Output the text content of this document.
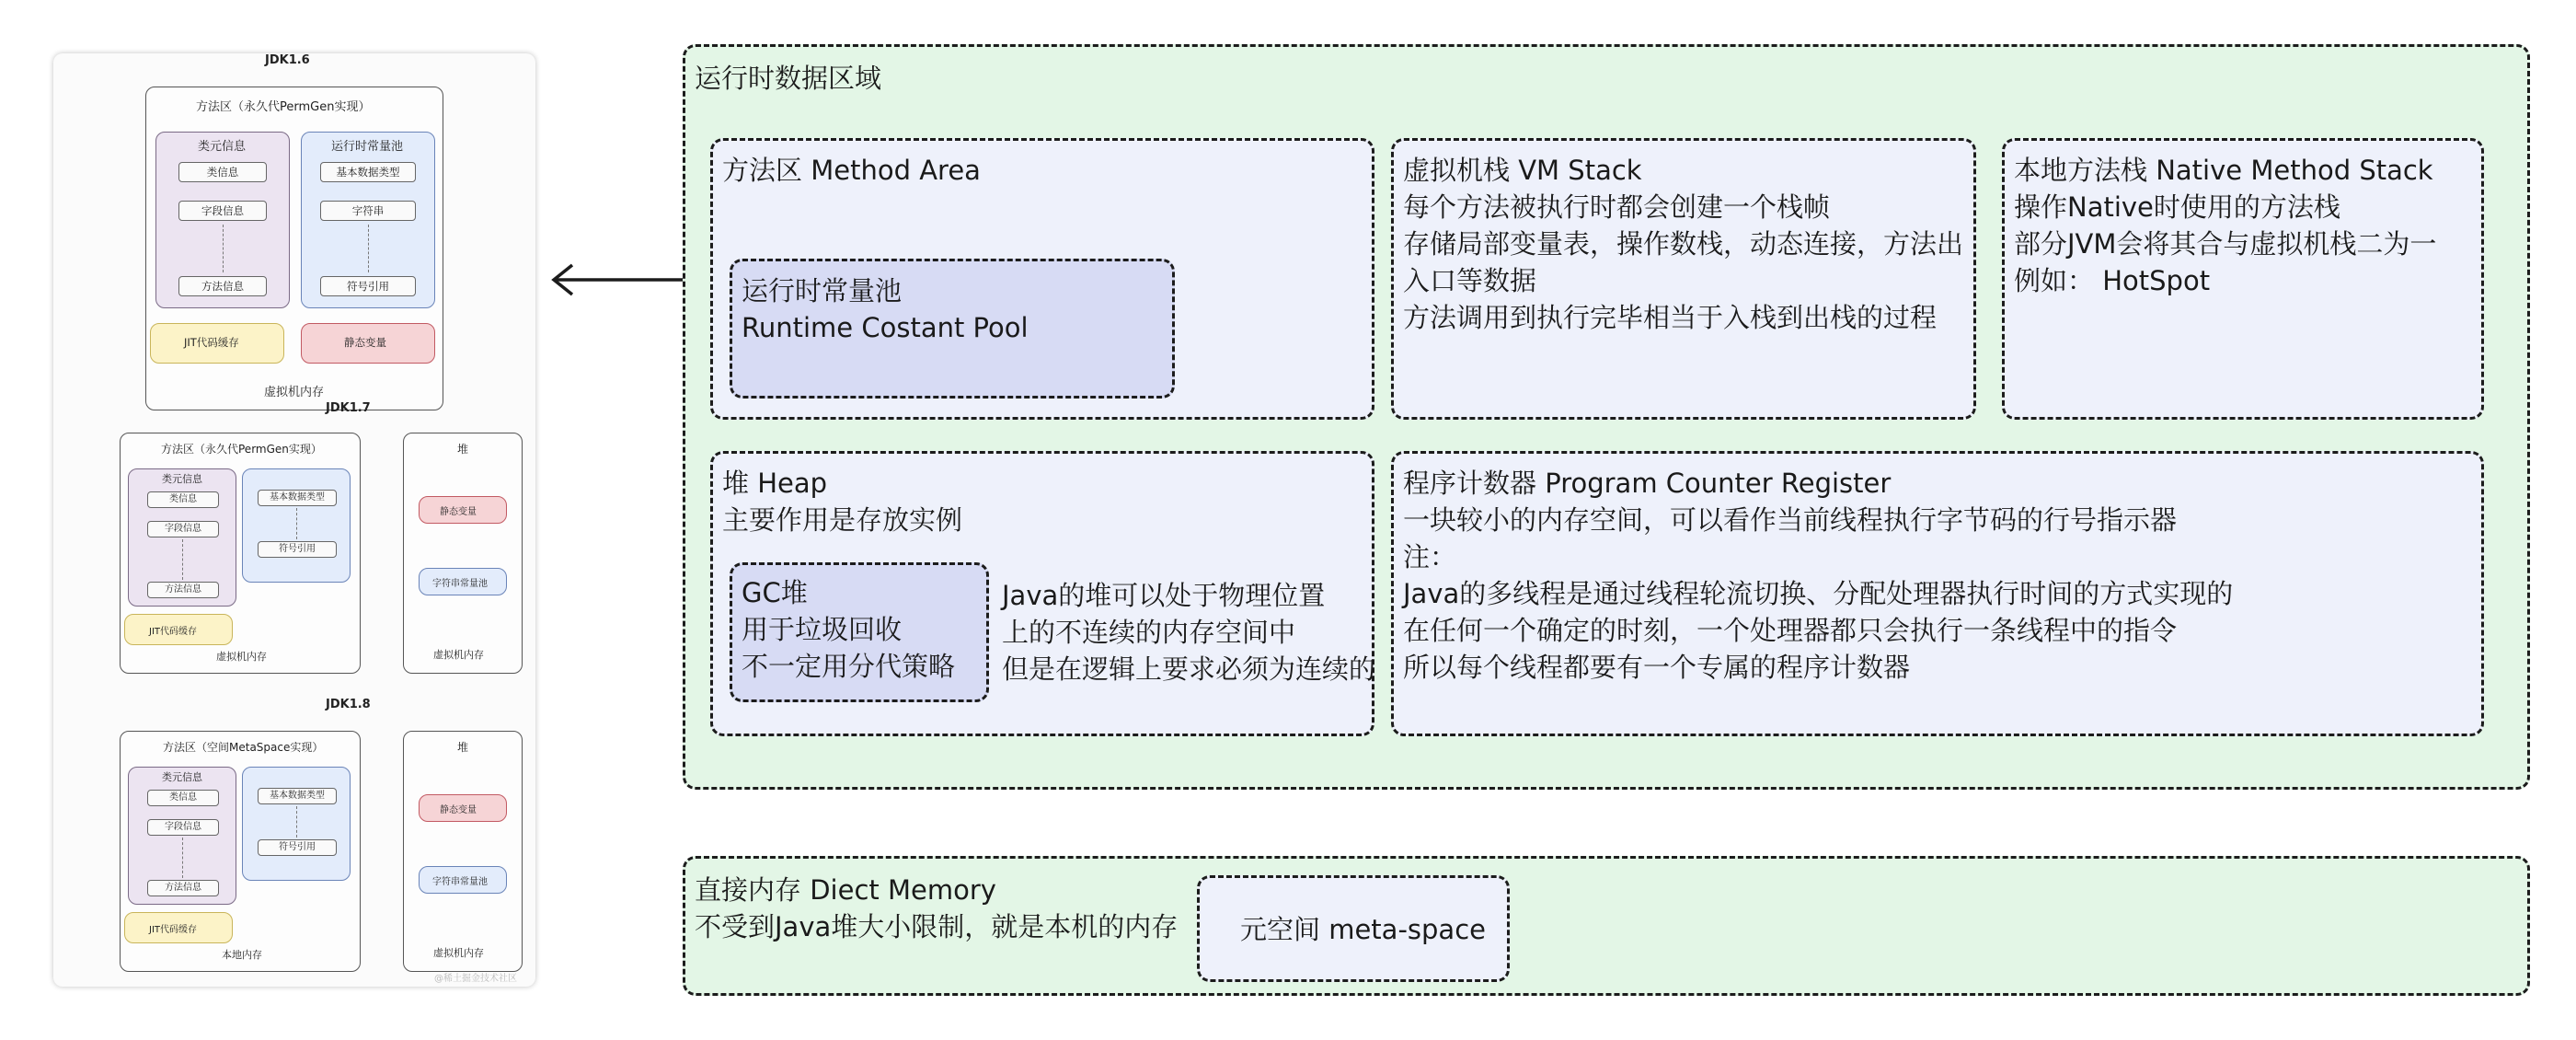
JDK1.6
方法区（永久代PermGen实现）
类元信息
类信息
字段信息
方法信息
运行时常量池
基本数据类型
字符串
符号引用
JIT代码缓存	静态变量
虚拟机内存
JDK1.7
方法区（永久代PermGen实现）
类元信息
类信息
字段信息
方法信息
基本数据类型
符号引用
JIT代码缓存
虚拟机内存
堆
静态变量
字符串常量池
虚拟机内存
JDK1.8
方法区（空间MetaSpace实现）
类元信息
类信息
字段信息
方法信息
基本数据类型
符号引用
JIT代码缓存
本地内存
堆
静态变量
字符串常量池
虚拟机内存
@稀土掘金技术社区
运行时数据区域
方法区 Method Area
运行时常量池
Runtime Costant Pool
虚拟机栈 VM Stack
每个方法被执行时都会创建一个栈帧
存储局部变量表，操作数栈，动态连接，方法出
入口等数据
方法调用到执行完毕相当于入栈到出栈的过程
本地方法栈 Native Method Stack
操作Native时使用的方法栈
部分JVM会将其合与虚拟机栈二为一
例如： HotSpot
堆 Heap
主要作用是存放实例
GC堆
用于垃圾回收
不一定用分代策略
Java的堆可以处于物理位置
上的不连续的内存空间中
但是在逻辑上要求必须为连续的
程序计数器 Program Counter Register
一块较小的内存空间，可以看作当前线程执行字节码的行号指示器
注：
Java的多线程是通过线程轮流切换、分配处理器执行时间的方式实现的
在任何一个确定的时刻，一个处理器都只会执行一条线程中的指令
所以每个线程都要有一个专属的程序计数器
直接内存 Diect Memory
不受到Java堆大小限制，就是本机的内存 元空间 meta-space
